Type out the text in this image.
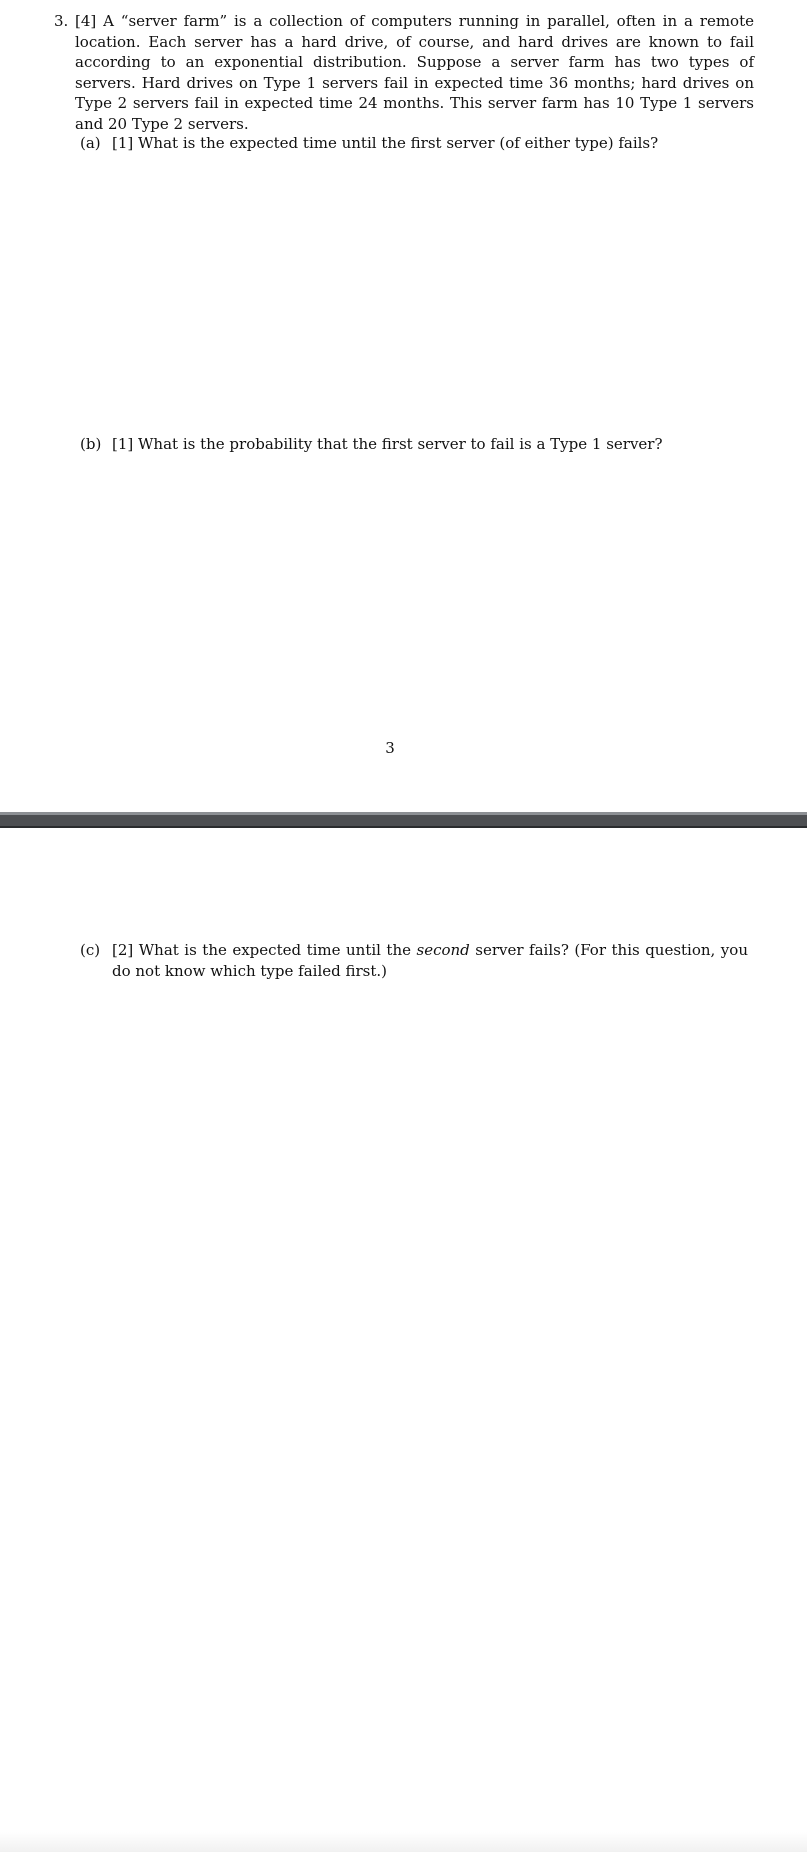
3. [4] A “server farm” is a collection of computers running in parallel, often in a remote location. Each server has a hard drive, of course, and hard drives are known to fail according to an exponential distribution. Suppose a server farm has two types of servers. Hard drives on Type 1 servers fail in expected time 36 months; hard drives on Type 2 servers fail in expected time 24 months. This server farm has 10 Type 1 servers and 20 Type 2 servers.
(a) [1] What is the expected time until the first server (of either type) fails?
(b) [1] What is the probability that the first server to fail is a Type 1 server?
3
(c) [2] What is the expected time until the second server fails? (For this question, you do not know which type failed first.)
